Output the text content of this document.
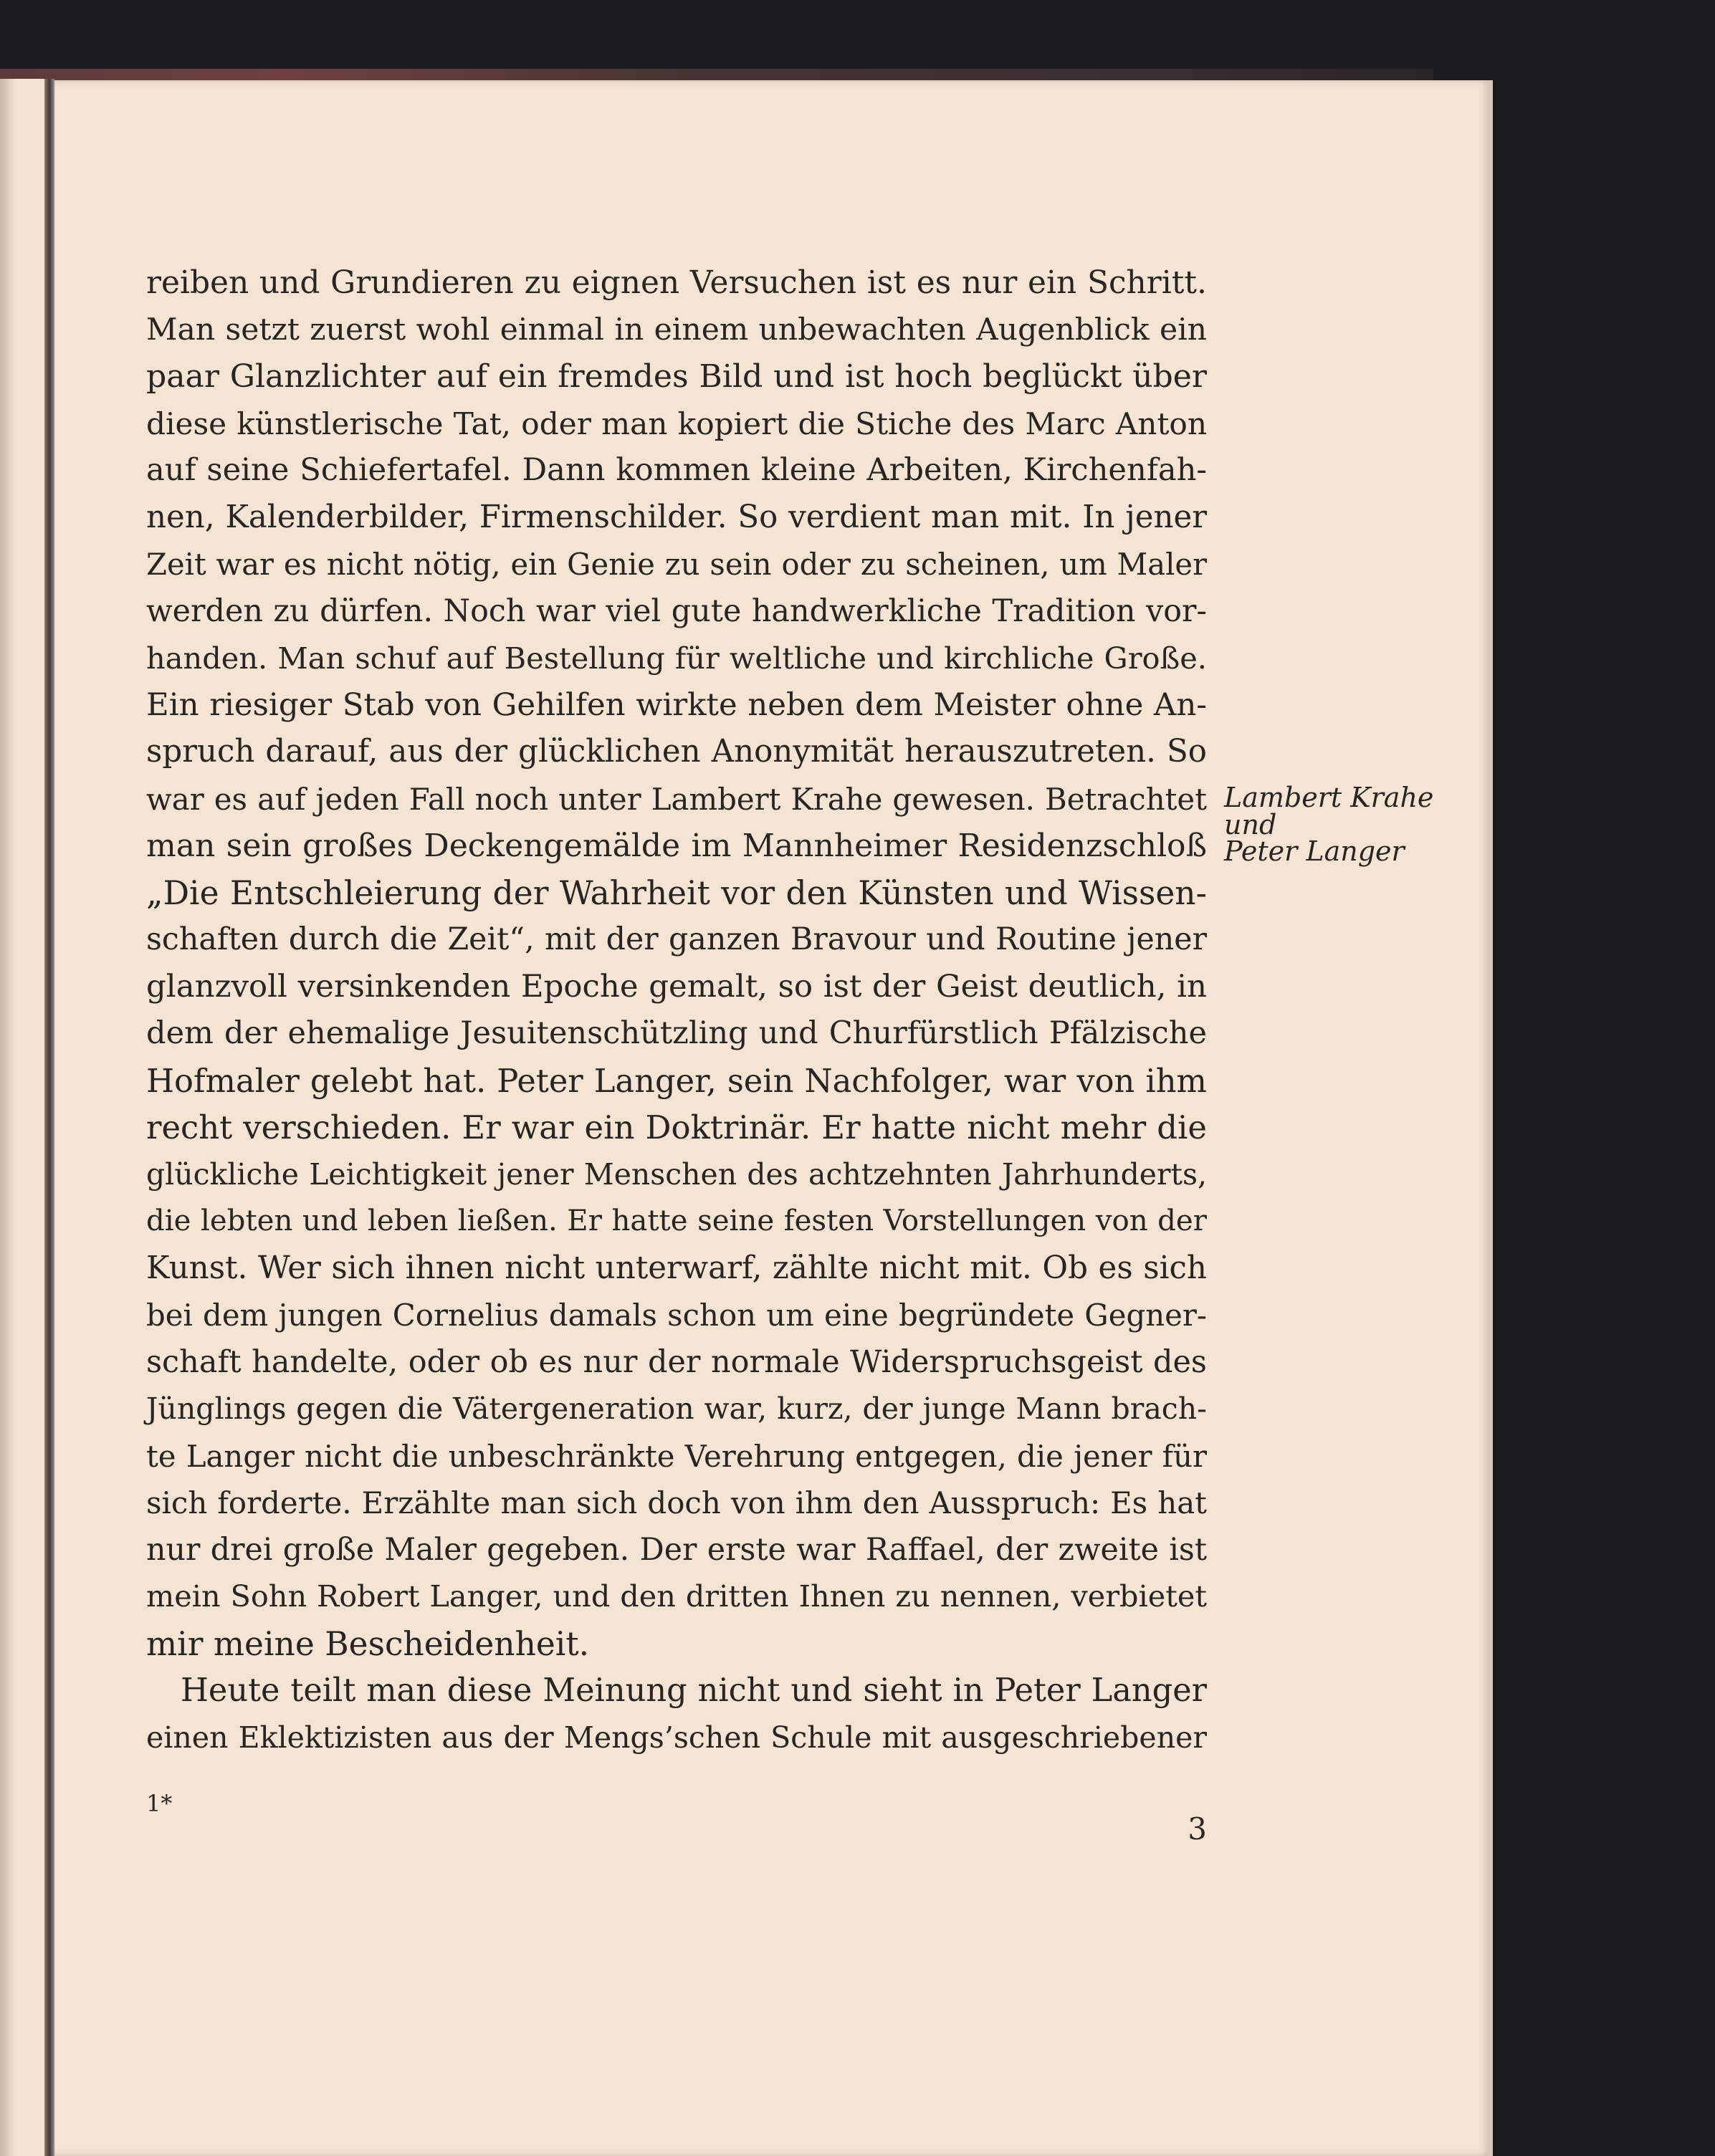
reiben und Grundieren zu eignen Versuchen ist es nur ein Schritt.
Man setzt zuerst wohl einmal in einem unbewachten Augenblick ein
paar Glanzlichter auf ein fremdes Bild und ist hoch beglückt über
diese künstlerische Tat, oder man kopiert die Stiche des Marc Anton
auf seine Schiefertafel. Dann kommen kleine Arbeiten, Kirchenfah-
nen, Kalenderbilder, Firmenschilder. So verdient man mit. In jener
Zeit war es nicht nötig, ein Genie zu sein oder zu scheinen, um Maler
werden zu dürfen. Noch war viel gute handwerkliche Tradition vor-
handen. Man schuf auf Bestellung für weltliche und kirchliche Große.
Ein riesiger Stab von Gehilfen wirkte neben dem Meister ohne An-
spruch darauf, aus der glücklichen Anonymität herauszutreten. So
war es auf jeden Fall noch unter Lambert Krahe gewesen. Betrachtet
man sein großes Deckengemälde im Mannheimer Residenzschloß
„Die Entschleierung der Wahrheit vor den Künsten und Wissen-
schaften durch die Zeit“, mit der ganzen Bravour und Routine jener
glanzvoll versinkenden Epoche gemalt, so ist der Geist deutlich, in
dem der ehemalige Jesuitenschützling und Churfürstlich Pfälzische
Hofmaler gelebt hat. Peter Langer, sein Nachfolger, war von ihm
recht verschieden. Er war ein Doktrinär. Er hatte nicht mehr die
glückliche Leichtigkeit jener Menschen des achtzehnten Jahrhunderts,
die lebten und leben ließen. Er hatte seine festen Vorstellungen von der
Kunst. Wer sich ihnen nicht unterwarf, zählte nicht mit. Ob es sich
bei dem jungen Cornelius damals schon um eine begründete Gegner-
schaft handelte, oder ob es nur der normale Widerspruchsgeist des
Jünglings gegen die Vätergeneration war, kurz, der junge Mann brach-
te Langer nicht die unbeschränkte Verehrung entgegen, die jener für
sich forderte. Erzählte man sich doch von ihm den Ausspruch: Es hat
nur drei große Maler gegeben. Der erste war Raffael, der zweite ist
mein Sohn Robert Langer, und den dritten Ihnen zu nennen, verbietet
mir meine Bescheidenheit.
Heute teilt man diese Meinung nicht und sieht in Peter Langer
einen Eklektizisten aus der Mengs’schen Schule mit ausgeschriebener
Lambert Krahe
und
Peter Langer
1*
3
